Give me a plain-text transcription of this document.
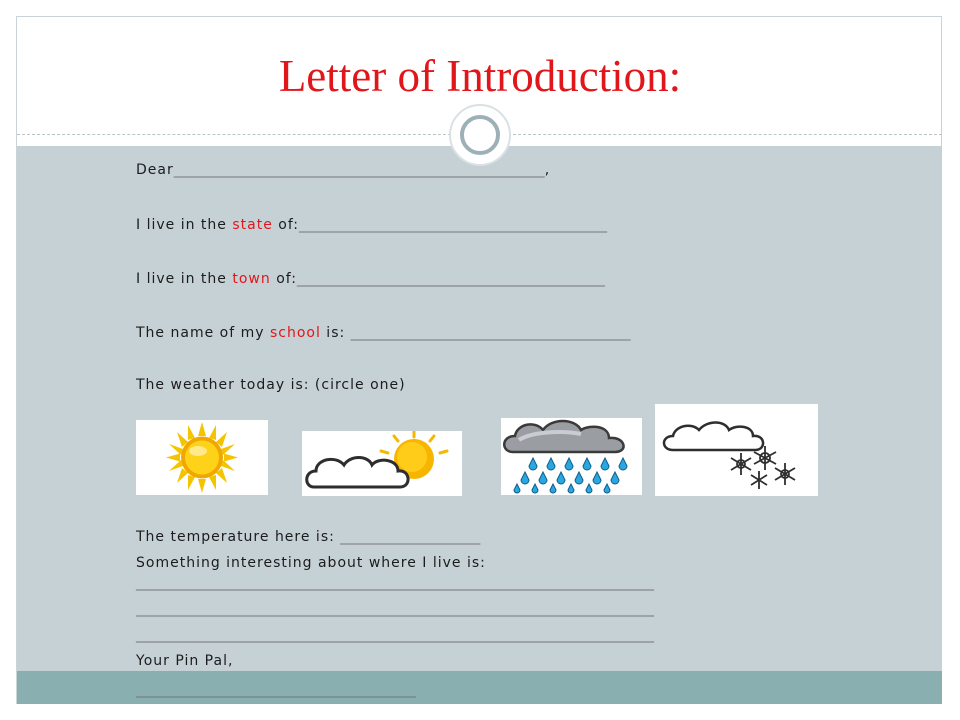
Letter of Introduction:
Dear_____________________________________________________,
I live in the state of:____________________________________________
I live in the town of:____________________________________________
The name of my school is: ________________________________________
The weather today is: (circle one)
The temperature here is: ____________________
Something interesting about where I live is:
__________________________________________________________________________
__________________________________________________________________________
__________________________________________________________________________
Your Pin Pal,
________________________________________
